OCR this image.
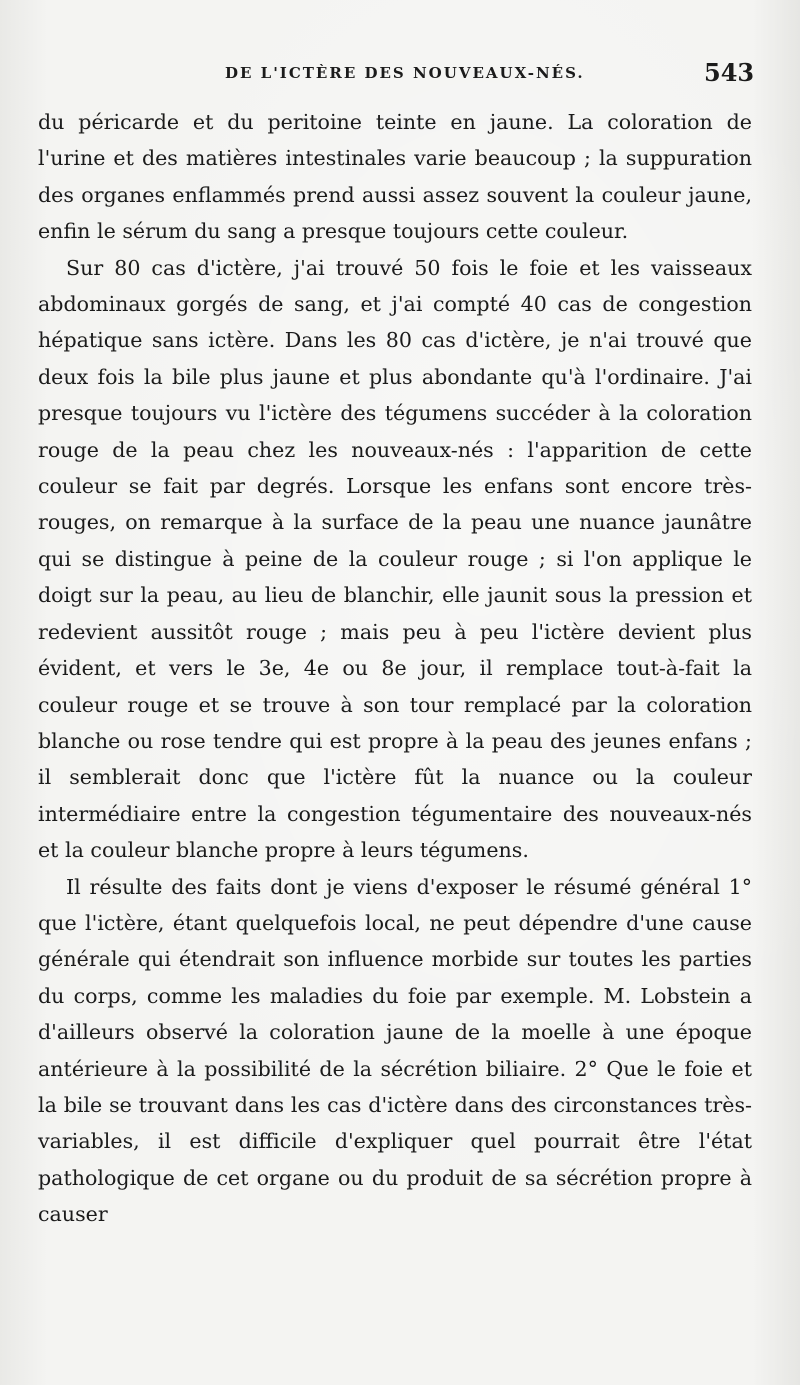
DE L'ICTÈRE DES NOUVEAUX-NÉS.	543

du péricarde et du peritoine teinte en jaune. La coloration de l'urine et des matières intestinales varie beaucoup ; la suppuration des organes enflammés prend aussi assez souvent la couleur jaune, enfin le sérum du sang a presque toujours cette couleur.

Sur 80 cas d'ictère, j'ai trouvé 50 fois le foie et les vaisseaux abdominaux gorgés de sang, et j'ai compté 40 cas de congestion hépatique sans ictère. Dans les 80 cas d'ictère, je n'ai trouvé que deux fois la bile plus jaune et plus abondante qu'à l'ordinaire. J'ai presque toujours vu l'ictère des tégumens succéder à la coloration rouge de la peau chez les nouveaux-nés : l'apparition de cette couleur se fait par degrés. Lorsque les enfans sont encore très-rouges, on remarque à la surface de la peau une nuance jaunâtre qui se distingue à peine de la couleur rouge ; si l'on applique le doigt sur la peau, au lieu de blanchir, elle jaunit sous la pression et redevient aussitôt rouge ; mais peu à peu l'ictère devient plus évident, et vers le 3e, 4e ou 8e jour, il remplace tout-à-fait la couleur rouge et se trouve à son tour remplacé par la coloration blanche ou rose tendre qui est propre à la peau des jeunes enfans ; il semblerait donc que l'ictère fût la nuance ou la couleur intermédiaire entre la congestion tégumentaire des nouveaux-nés et la couleur blanche propre à leurs tégumens.

Il résulte des faits dont je viens d'exposer le résumé général 1° que l'ictère, étant quelquefois local, ne peut dépendre d'une cause générale qui étendrait son influence morbide sur toutes les parties du corps, comme les maladies du foie par exemple. M. Lobstein a d'ailleurs observé la coloration jaune de la moelle à une époque antérieure à la possibilité de la sécrétion biliaire. 2° Que le foie et la bile se trouvant dans les cas d'ictère dans des circonstances très-variables, il est difficile d'expliquer quel pourrait être l'état pathologique de cet organe ou du produit de sa sécrétion propre à causer
